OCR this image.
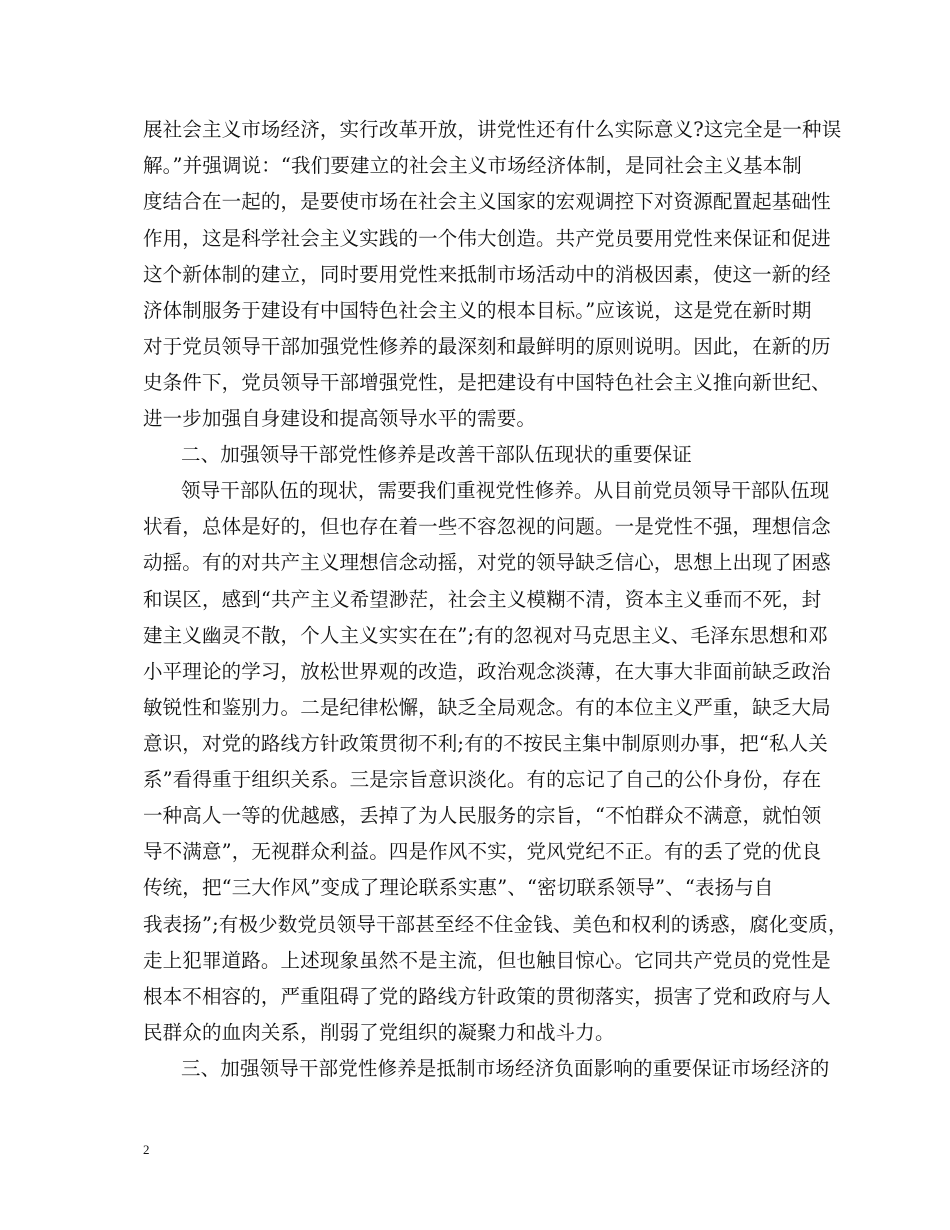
展社会主义市场经济，实行改革开放，讲党性还有什么实际意义?这完全是一种误
解。”并强调说：“我们要建立的社会主义市场经济体制，是同社会主义基本制
度结合在一起的，是要使市场在社会主义国家的宏观调控下对资源配置起基础性
作用，这是科学社会主义实践的一个伟大创造。共产党员要用党性来保证和促进
这个新体制的建立，同时要用党性来抵制市场活动中的消极因素，使这一新的经
济体制服务于建设有中国特色社会主义的根本目标。”应该说，这是党在新时期
对于党员领导干部加强党性修养的最深刻和最鲜明的原则说明。因此，在新的历
史条件下，党员领导干部增强党性，是把建设有中国特色社会主义推向新世纪、
进一步加强自身建设和提高领导水平的需要。
二、加强领导干部党性修养是改善干部队伍现状的重要保证
领导干部队伍的现状，需要我们重视党性修养。从目前党员领导干部队伍现
状看，总体是好的，但也存在着一些不容忽视的问题。一是党性不强，理想信念
动摇。有的对共产主义理想信念动摇，对党的领导缺乏信心，思想上出现了困惑
和误区，感到“共产主义希望渺茫，社会主义模糊不清，资本主义垂而不死，封
建主义幽灵不散，个人主义实实在在”;有的忽视对马克思主义、毛泽东思想和邓
小平理论的学习，放松世界观的改造，政治观念淡薄，在大事大非面前缺乏政治
敏锐性和鉴别力。二是纪律松懈，缺乏全局观念。有的本位主义严重，缺乏大局
意识，对党的路线方针政策贯彻不利;有的不按民主集中制原则办事，把“私人关
系”看得重于组织关系。三是宗旨意识淡化。有的忘记了自己的公仆身份，存在
一种高人一等的优越感，丢掉了为人民服务的宗旨，“不怕群众不满意，就怕领
导不满意”，无视群众利益。四是作风不实，党风党纪不正。有的丢了党的优良
传统，把“三大作风”变成了理论联系实惠”、“密切联系领导”、“表扬与自
我表扬”;有极少数党员领导干部甚至经不住金钱、美色和权利的诱惑，腐化变质，
走上犯罪道路。上述现象虽然不是主流，但也触目惊心。它同共产党员的党性是
根本不相容的，严重阻碍了党的路线方针政策的贯彻落实，损害了党和政府与人
民群众的血肉关系，削弱了党组织的凝聚力和战斗力。
三、加强领导干部党性修养是抵制市场经济负面影响的重要保证市场经济的
2
